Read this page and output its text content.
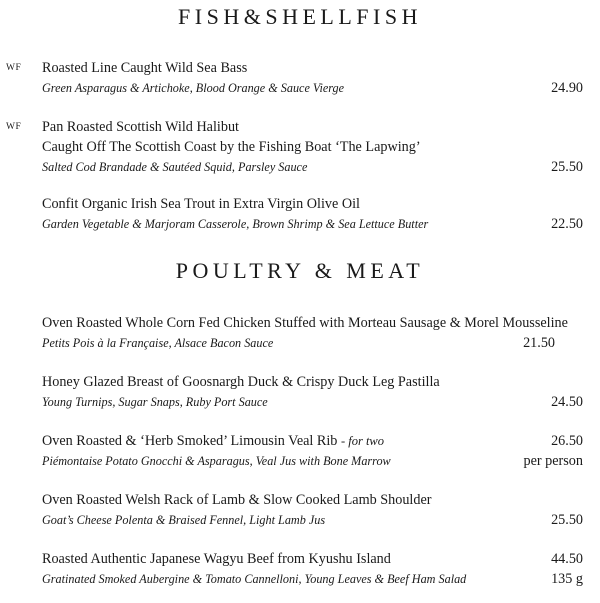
FISH&SHELLFISH
WF Roasted Line Caught Wild Sea Bass
Green Asparagus & Artichoke, Blood Orange & Sauce Vierge	24.90
WF Pan Roasted Scottish Wild Halibut
Caught Off The Scottish Coast by the Fishing Boat ‘The Lapwing’
Salted Cod Brandade & Sautéed Squid, Parsley Sauce	25.50
Confit Organic Irish Sea Trout in Extra Virgin Olive Oil
Garden Vegetable & Marjoram Casserole, Brown Shrimp & Sea Lettuce Butter	22.50
POULTRY & MEAT
Oven Roasted Whole Corn Fed Chicken Stuffed with Morteau Sausage & Morel Mousseline
Petits Pois à la Française, Alsace Bacon Sauce	21.50
Honey Glazed Breast of Goosnargh Duck & Crispy Duck Leg Pastilla
Young Turnips, Sugar Snaps, Ruby Port Sauce	24.50
Oven Roasted & ‘Herb Smoked’ Limousin Veal Rib - for two	26.50
Piémontaise Potato Gnocchi & Asparagus, Veal Jus with Bone Marrow	per person
Oven Roasted Welsh Rack of Lamb & Slow Cooked Lamb Shoulder
Goat’s Cheese Polenta & Braised Fennel, Light Lamb Jus	25.50
Roasted Authentic Japanese Wagyu Beef from Kyushu Island	44.50
Gratinated Smoked Aubergine & Tomato Cannelloni, Young Leaves & Beef Ham Salad	135 g
